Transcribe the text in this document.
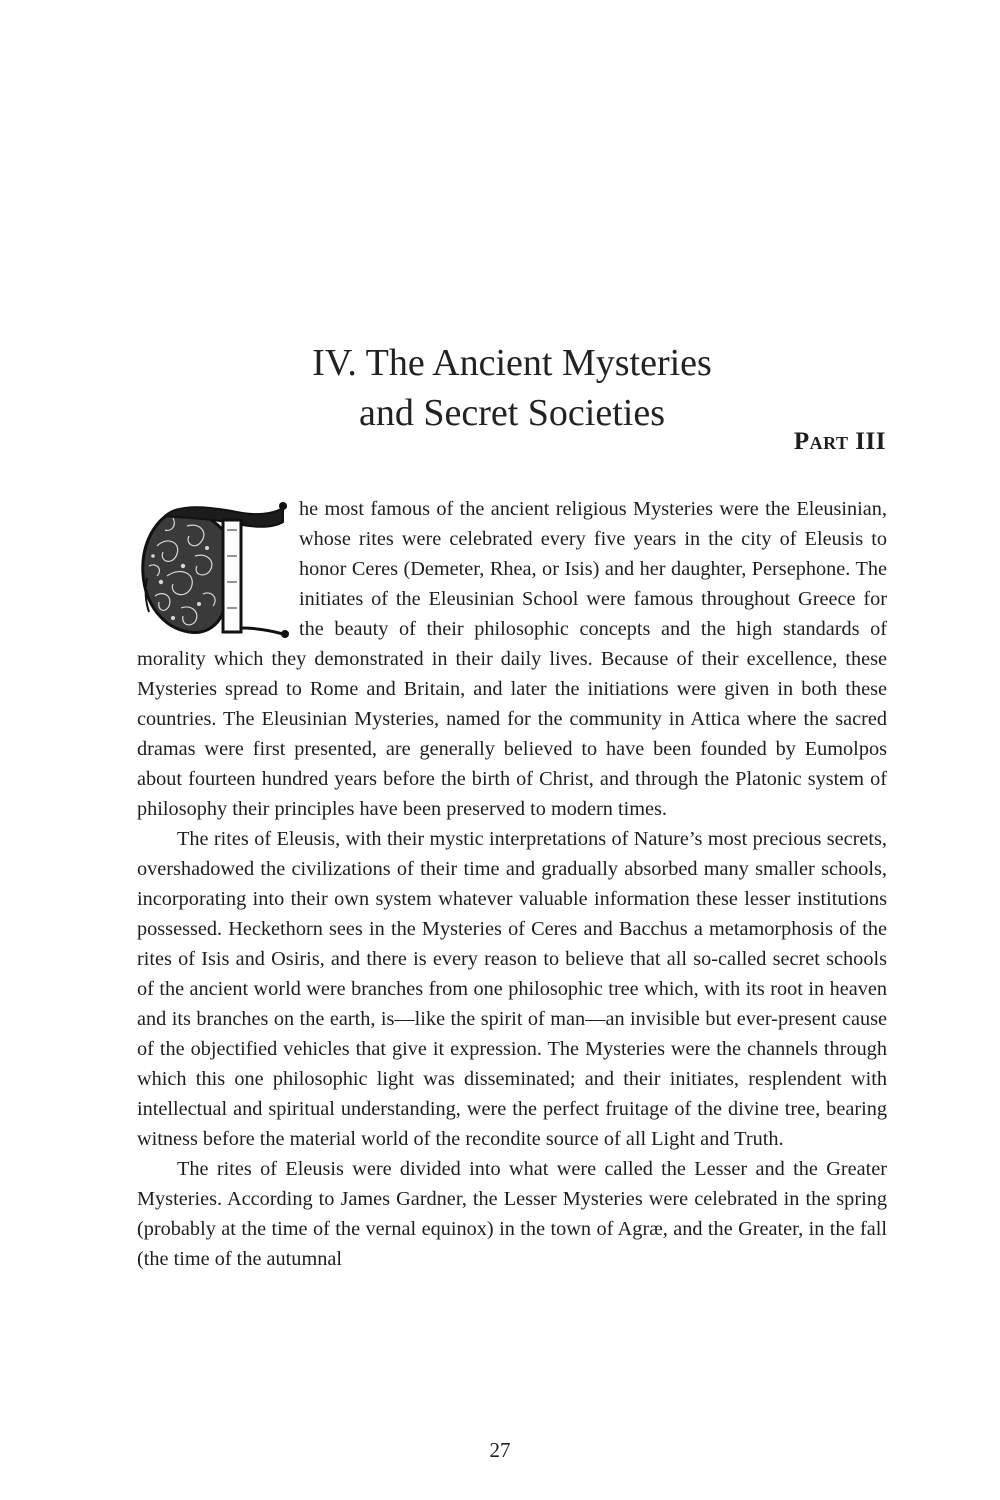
IV. The Ancient Mysteries
and Secret Societies
Part III

he most famous of the ancient religious Mysteries were the Eleusinian, whose rites were celebrated every five years in the city of Eleusis to honor Ceres (Demeter, Rhea, or Isis) and her daughter, Persephone. The initiates of the Eleusinian School were famous throughout Greece for the beauty of their philosophic concepts and the high standards of morality which they demonstrated in their daily lives. Because of their excellence, these Mysteries spread to Rome and Britain, and later the initiations were given in both these countries. The Eleusinian Mysteries, named for the community in Attica where the sacred dramas were first presented, are generally believed to have been founded by Eumolpos about fourteen hundred years before the birth of Christ, and through the Platonic system of philosophy their principles have been preserved to modern times.

The rites of Eleusis, with their mystic interpretations of Nature’s most precious secrets, overshadowed the civilizations of their time and gradually absorbed many smaller schools, incorporating into their own system whatever valuable information these lesser institutions possessed. Heckethorn sees in the Mysteries of Ceres and Bacchus a metamorphosis of the rites of Isis and Osiris, and there is every reason to believe that all so-called secret schools of the ancient world were branches from one philosophic tree which, with its root in heaven and its branches on the earth, is—like the spirit of man—an invisible but ever-present cause of the objectified vehicles that give it expression. The Mysteries were the channels through which this one philosophic light was disseminated; and their initiates, resplendent with intellectual and spiritual understanding, were the perfect fruitage of the divine tree, bearing witness before the material world of the recondite source of all Light and Truth.

The rites of Eleusis were divided into what were called the Lesser and the Greater Mysteries. According to James Gardner, the Lesser Mysteries were celebrated in the spring (probably at the time of the vernal equinox) in the town of Agræ, and the Greater, in the fall (the time of the autumnal

27
